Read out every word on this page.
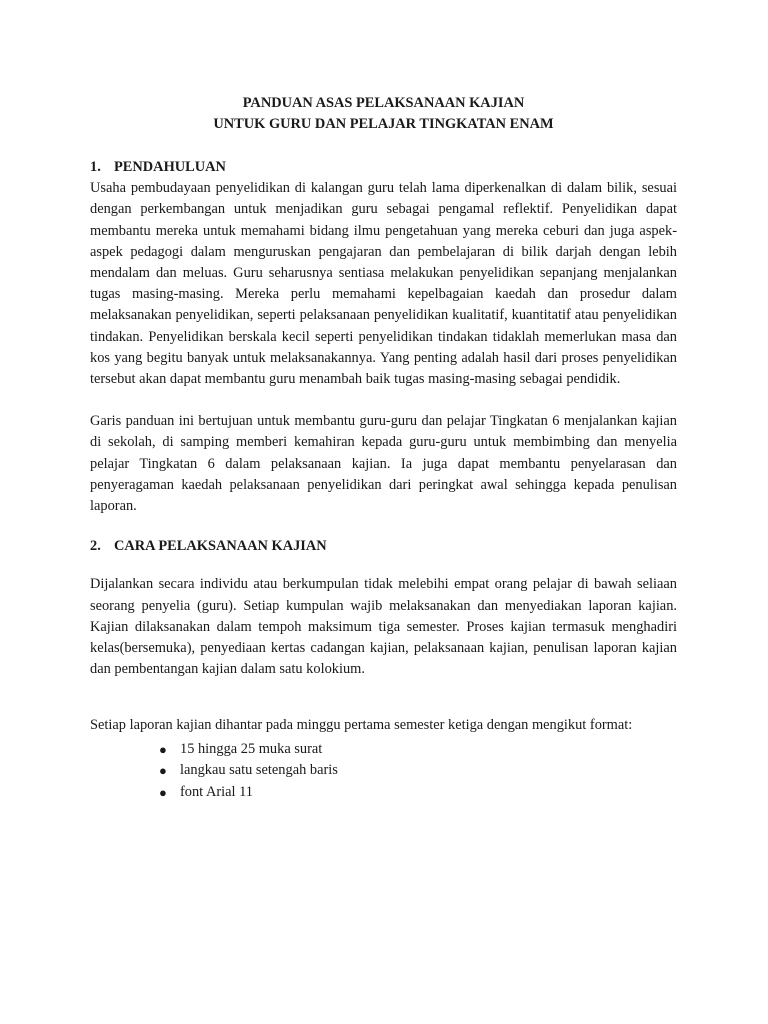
PANDUAN ASAS PELAKSANAAN KAJIAN
UNTUK GURU DAN PELAJAR TINGKATAN ENAM

1. PENDAHULUAN

Usaha pembudayaan penyelidikan di kalangan guru telah lama diperkenalkan di dalam bilik, sesuai dengan perkembangan untuk menjadikan guru sebagai pengamal reflektif. Penyelidikan dapat membantu mereka untuk memahami bidang ilmu pengetahuan yang mereka ceburi dan juga aspek-aspek pedagogi dalam menguruskan pengajaran dan pembelajaran di bilik darjah dengan lebih mendalam dan meluas. Guru seharusnya sentiasa melakukan penyelidikan sepanjang menjalankan tugas masing-masing. Mereka perlu memahami kepelbagaian kaedah dan prosedur dalam melaksanakan penyelidikan, seperti pelaksanaan penyelidikan kualitatif, kuantitatif atau penyelidikan tindakan. Penyelidikan berskala kecil seperti penyelidikan tindakan tidaklah memerlukan masa dan kos yang begitu banyak untuk melaksanakannya. Yang penting adalah hasil dari proses penyelidikan tersebut akan dapat membantu guru menambah baik tugas masing-masing sebagai pendidik.

Garis panduan ini bertujuan untuk membantu guru-guru dan pelajar Tingkatan 6 menjalankan kajian di sekolah, di samping memberi kemahiran kepada guru-guru untuk membimbing dan menyelia pelajar Tingkatan 6 dalam pelaksanaan kajian. Ia juga dapat membantu penyelarasan dan penyeragaman kaedah pelaksanaan penyelidikan dari peringkat awal sehingga kepada penulisan laporan.

2. CARA PELAKSANAAN KAJIAN

Dijalankan secara individu atau berkumpulan tidak melebihi empat orang pelajar di bawah seliaan seorang penyelia (guru). Setiap kumpulan wajib melaksanakan dan menyediakan laporan kajian. Kajian dilaksanakan dalam tempoh maksimum tiga semester. Proses kajian termasuk menghadiri kelas(bersemuka), penyediaan kertas cadangan kajian, pelaksanaan kajian, penulisan laporan kajian dan pembentangan kajian dalam satu kolokium.

Setiap laporan kajian dihantar pada minggu pertama semester ketiga dengan mengikut format:

● 15 hingga 25 muka surat
● langkau satu setengah baris
● font Arial 11
